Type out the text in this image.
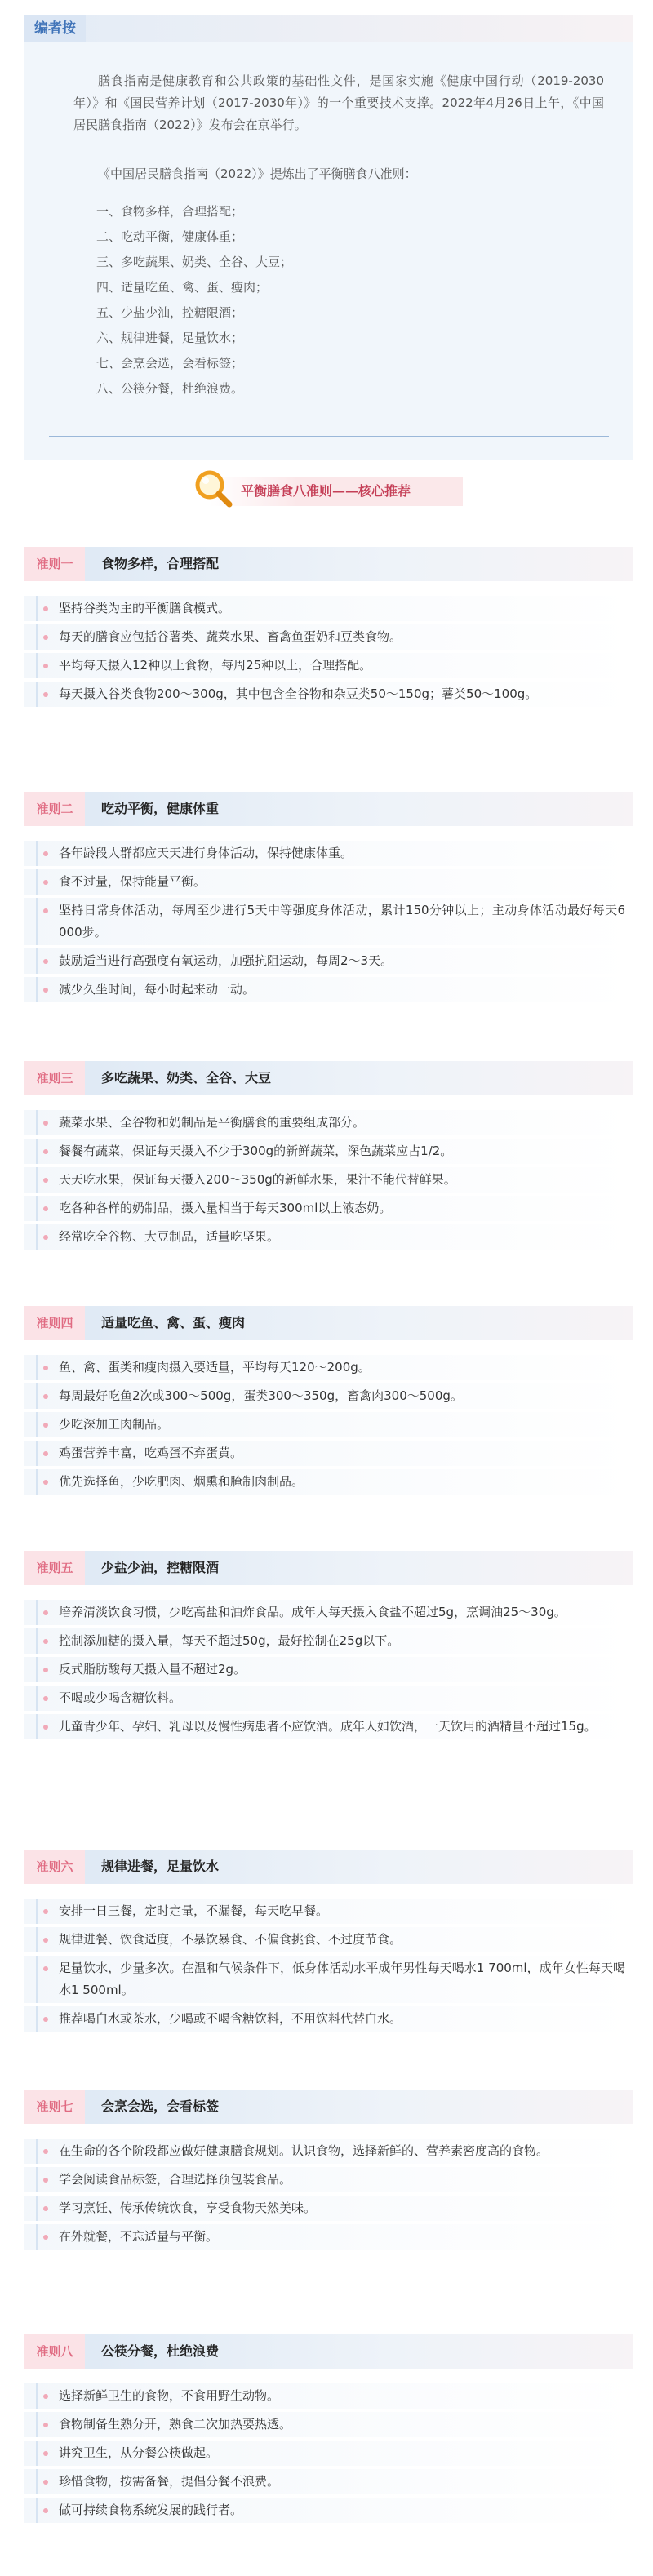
编者按

膳食指南是健康教育和公共政策的基础性文件，是国家实施《健康中国行动（2019-2030年）》和《国民营养计划（2017-2030年）》的一个重要技术支撑。2022年4月26日上午，《中国居民膳食指南（2022）》发布会在京举行。

《中国居民膳食指南（2022）》提炼出了平衡膳食八准则：

一、食物多样，合理搭配；
二、吃动平衡，健康体重；
三、多吃蔬果、奶类、全谷、大豆；
四、适量吃鱼、禽、蛋、瘦肉；
五、少盐少油，控糖限酒；
六、规律进餐，足量饮水；
七、会烹会选，会看标签；
八、公筷分餐，杜绝浪费。
平衡膳食八准则——核心推荐
准则一	食物多样，合理搭配
坚持谷类为主的平衡膳食模式。
每天的膳食应包括谷薯类、蔬菜水果、畜禽鱼蛋奶和豆类食物。
平均每天摄入12种以上食物，每周25种以上，合理搭配。
每天摄入谷类食物200～300g，其中包含全谷物和杂豆类50～150g；薯类50～100g。
准则二	吃动平衡，健康体重
各年龄段人群都应天天进行身体活动，保持健康体重。
食不过量，保持能量平衡。
坚持日常身体活动，每周至少进行5天中等强度身体活动，累计150分钟以上；主动身体活动最好每天6 000步。
鼓励适当进行高强度有氧运动，加强抗阻运动，每周2～3天。
减少久坐时间，每小时起来动一动。
准则三	多吃蔬果、奶类、全谷、大豆
蔬菜水果、全谷物和奶制品是平衡膳食的重要组成部分。
餐餐有蔬菜，保证每天摄入不少于300g的新鲜蔬菜，深色蔬菜应占1/2。
天天吃水果，保证每天摄入200～350g的新鲜水果，果汁不能代替鲜果。
吃各种各样的奶制品，摄入量相当于每天300ml以上液态奶。
经常吃全谷物、大豆制品，适量吃坚果。
准则四	适量吃鱼、禽、蛋、瘦肉
鱼、禽、蛋类和瘦肉摄入要适量，平均每天120～200g。
每周最好吃鱼2次或300～500g，蛋类300～350g，畜禽肉300～500g。
少吃深加工肉制品。
鸡蛋营养丰富，吃鸡蛋不弃蛋黄。
优先选择鱼，少吃肥肉、烟熏和腌制肉制品。
准则五	少盐少油，控糖限酒
培养清淡饮食习惯，少吃高盐和油炸食品。成年人每天摄入食盐不超过5g，烹调油25～30g。
控制添加糖的摄入量，每天不超过50g，最好控制在25g以下。
反式脂肪酸每天摄入量不超过2g。
不喝或少喝含糖饮料。
儿童青少年、孕妇、乳母以及慢性病患者不应饮酒。成年人如饮酒，一天饮用的酒精量不超过15g。
准则六	规律进餐，足量饮水
安排一日三餐，定时定量，不漏餐，每天吃早餐。
规律进餐、饮食适度，不暴饮暴食、不偏食挑食、不过度节食。
足量饮水，少量多次。在温和气候条件下，低身体活动水平成年男性每天喝水1 700ml，成年女性每天喝水1 500ml。
推荐喝白水或茶水，少喝或不喝含糖饮料，不用饮料代替白水。
准则七	会烹会选，会看标签
在生命的各个阶段都应做好健康膳食规划。认识食物，选择新鲜的、营养素密度高的食物。
学会阅读食品标签，合理选择预包装食品。
学习烹饪、传承传统饮食，享受食物天然美味。
在外就餐，不忘适量与平衡。
准则八	公筷分餐，杜绝浪费
选择新鲜卫生的食物，不食用野生动物。
食物制备生熟分开，熟食二次加热要热透。
讲究卫生，从分餐公筷做起。
珍惜食物，按需备餐，提倡分餐不浪费。
做可持续食物系统发展的践行者。
